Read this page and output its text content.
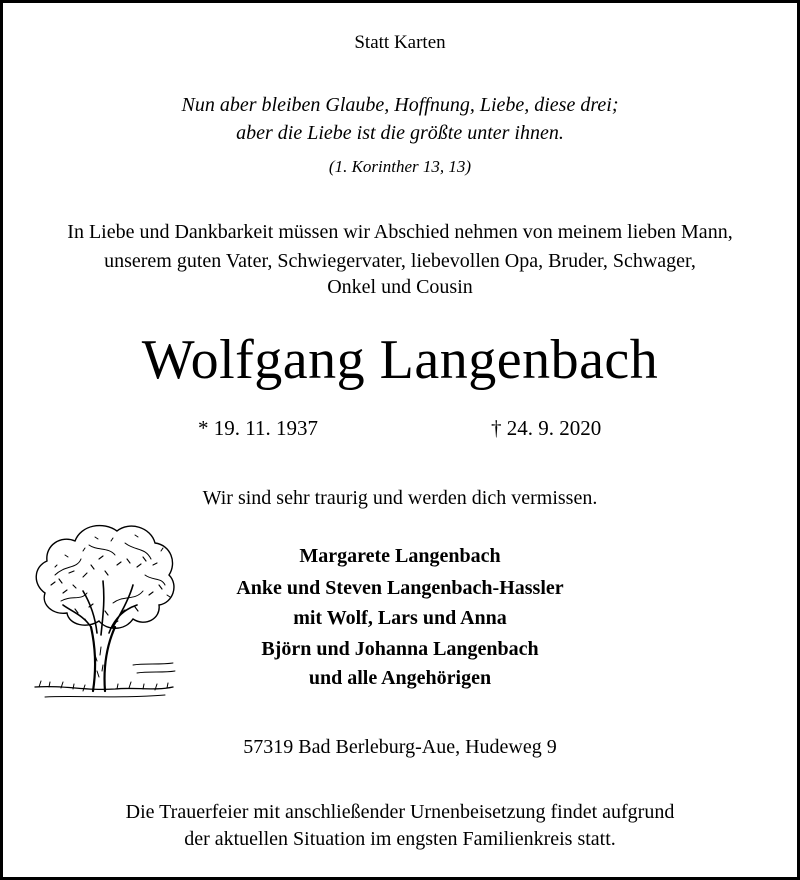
Statt Karten
Nun aber bleiben Glaube, Hoffnung, Liebe, diese drei;
aber die Liebe ist die größte unter ihnen.
(1. Korinther 13, 13)
In Liebe und Dankbarkeit müssen wir Abschied nehmen von meinem lieben Mann,
unserem guten Vater, Schwiegervater, liebevollen Opa, Bruder, Schwager,
Onkel und Cousin
Wolfgang Langenbach
* 19. 11. 1937	† 24. 9. 2020
Wir sind sehr traurig und werden dich vermissen.
Margarete Langenbach
Anke und Steven Langenbach-Hassler
mit Wolf, Lars und Anna
Björn und Johanna Langenbach
und alle Angehörigen
57319 Bad Berleburg-Aue, Hudeweg 9
Die Trauerfeier mit anschließender Urnenbeisetzung findet aufgrund
der aktuellen Situation im engsten Familienkreis statt.
